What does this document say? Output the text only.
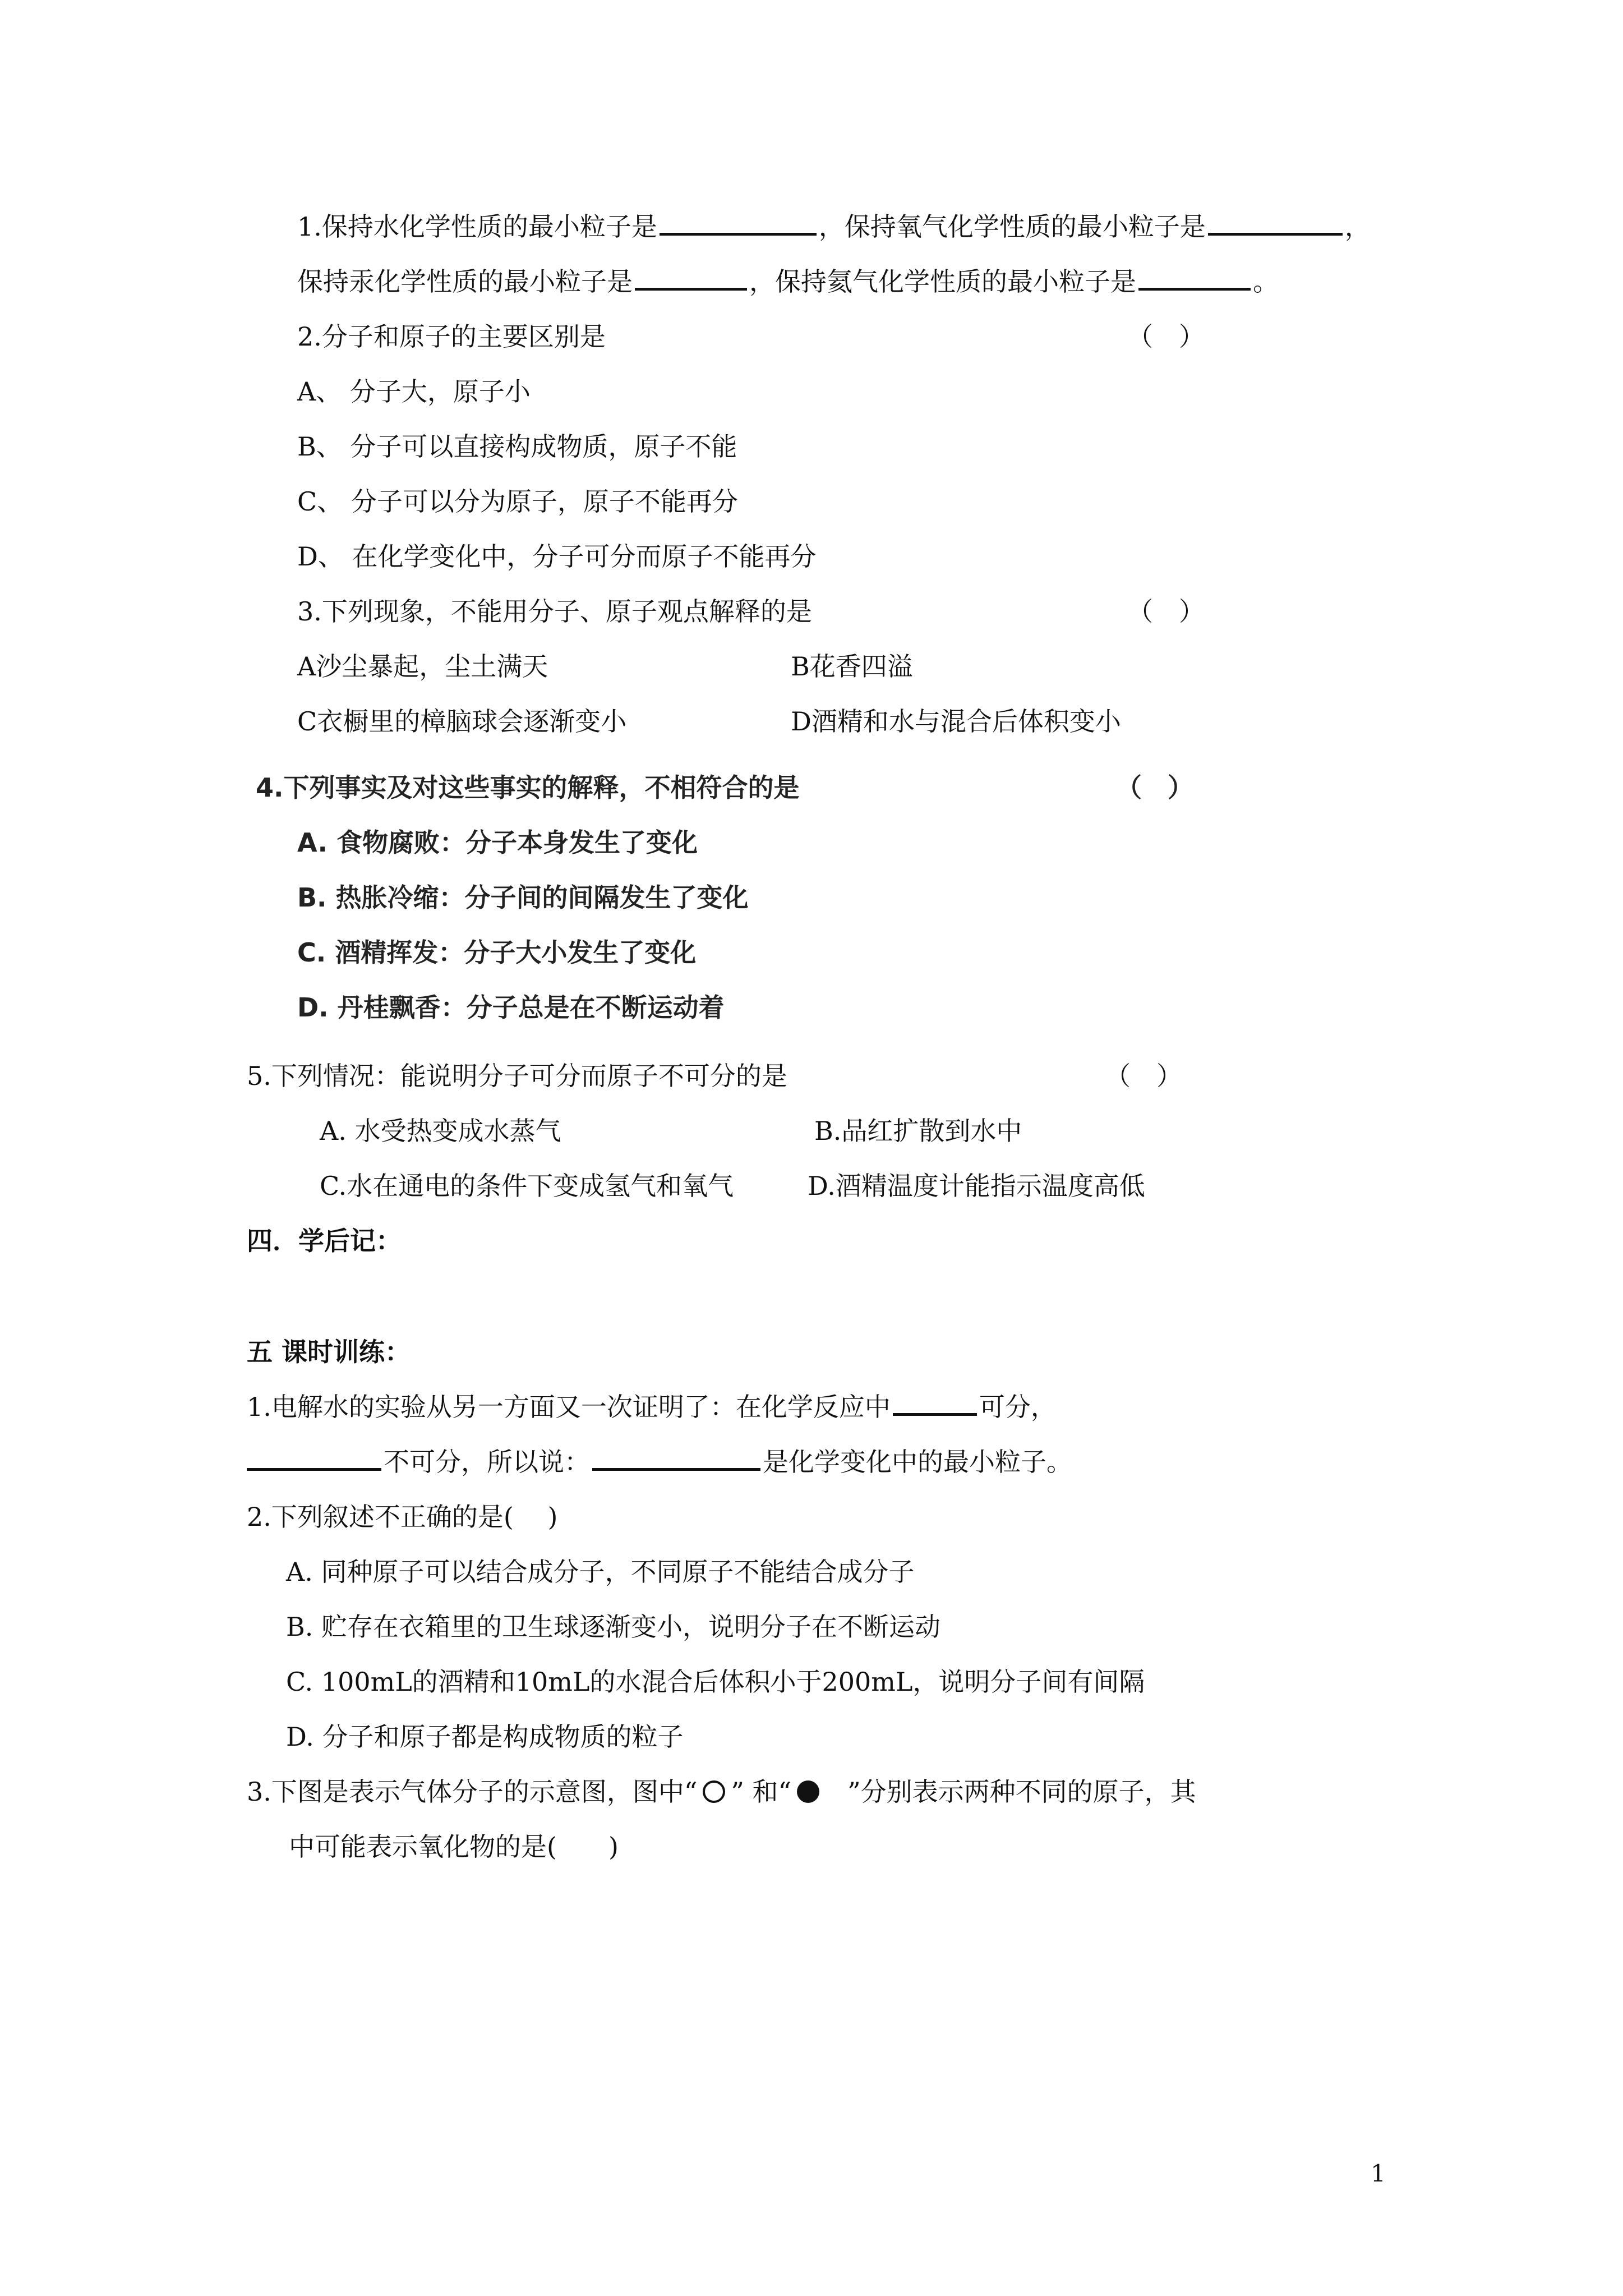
1.保持水化学性质的最小粒子是	，保持氧气化学性质的最小粒子是	，
保持汞化学性质的最小粒子是	，保持氦气化学性质的最小粒子是	。
2.分子和原子的主要区别是	（　）
A、 分子大，原子小
B、 分子可以直接构成物质，原子不能
C、 分子可以分为原子，原子不能再分
D、 在化学变化中，分子可分而原子不能再分
3.下列现象，不能用分子、原子观点解释的是	（　）
A沙尘暴起，尘土满天	B花香四溢
C衣橱里的樟脑球会逐渐变小	D酒精和水与混合后体积变小
4.下列事实及对这些事实的解释，不相符合的是	（　）
A. 食物腐败：分子本身发生了变化
B. 热胀冷缩：分子间的间隔发生了变化
C. 酒精挥发：分子大小发生了变化
D. 丹桂飘香：分子总是在不断运动着
5.下列情况：能说明分子可分而原子不可分的是	（　）
A. 水受热变成水蒸气	B.品红扩散到水中
C.水在通电的条件下变成氢气和氧气	D.酒精温度计能指示温度高低
四．学后记：
五 课时训练：
1.电解水的实验从另一方面又一次证明了：在化学反应中	可分，
不可分，所以说：	是化学变化中的最小粒子。
2.下列叙述不正确的是(　 )
A. 同种原子可以结合成分子，不同原子不能结合成分子
B. 贮存在衣箱里的卫生球逐渐变小，说明分子在不断运动
C. 100mL的酒精和10mL的水混合后体积小于200mL，说明分子间有间隔
D. 分子和原子都是构成物质的粒子
3.下图是表示气体分子的示意图，图中“ ” 和“ ”分别表示两种不同的原子，其
中可能表示氧化物的是(　　)
1
